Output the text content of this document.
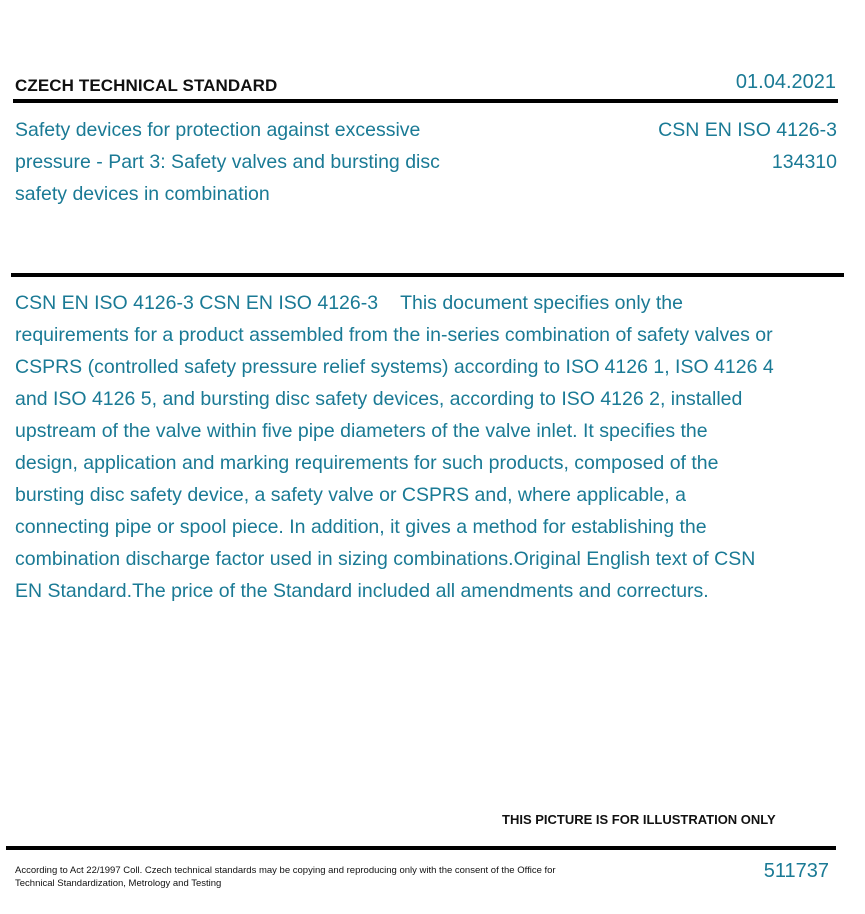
CZECH TECHNICAL STANDARD	01.04.2021
Safety devices for protection against excessive pressure - Part 3: Safety valves and bursting disc safety devices in combination
CSN EN ISO 4126-3
134310
CSN EN ISO 4126-3 CSN EN ISO 4126-3 This document specifies only the requirements for a product assembled from the in-series combination of safety valves or CSPRS (controlled safety pressure relief systems) according to ISO 4126 1, ISO 4126 4 and ISO 4126 5, and bursting disc safety devices, according to ISO 4126 2, installed upstream of the valve within five pipe diameters of the valve inlet. It specifies the design, application and marking requirements for such products, composed of the bursting disc safety device, a safety valve or CSPRS and, where applicable, a connecting pipe or spool piece. In addition, it gives a method for establishing the combination discharge factor used in sizing combinations.Original English text of CSN EN Standard.The price of the Standard included all amendments and correcturs.
THIS PICTURE IS FOR ILLUSTRATION ONLY
According to Act 22/1997 Coll. Czech technical standards may be copying and reproducing only with the consent of the Office for Technical Standardization, Metrology and Testing
511737
